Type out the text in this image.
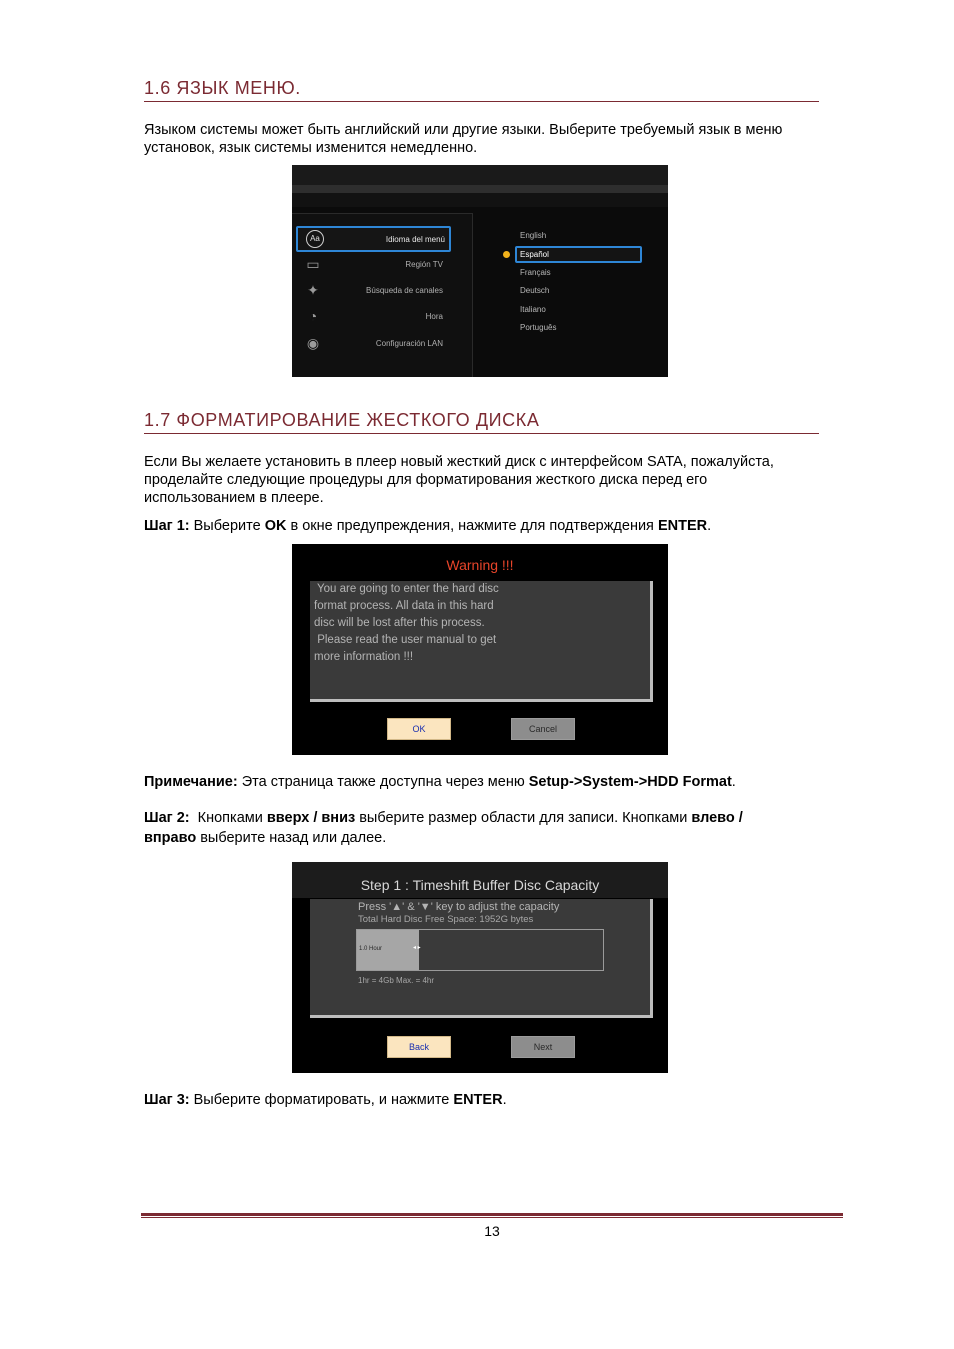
1.6 ЯЗЫК МЕНЮ.
Языком системы может быть английский или другие языки. Выберите требуемый язык в меню установок, язык системы изменится немедленно.
Aa	Idioma del menú
▭	Región TV
✦	Búsqueda de canales
◔	Hora
◉	Configuración LAN
English
Español
Français
Deutsch
Italiano
Português
1.7 ФОРМАТИРОВАНИЕ ЖЕСТКОГО ДИСКА
Если Вы желаете установить в плеер новый жесткий диск с интерфейсом SATA, пожалуйста, проделайте следующие процедуры для форматирования жесткого диска перед его использованием в плеере.
Шаг 1: Выберите OK в окне предупреждения, нажмите для подтверждения ENTER.
Warning !!!
You are going to enter the hard disc
format process. All data in this hard
disc will be lost after this process.
Please read the user manual to get
more information !!!
OK	Cancel
Примечание: Эта страница также доступна через меню Setup->System->HDD Format.
Шаг 2:  Кнопками вверх / вниз выберите размер области для записи. Кнопками влево /
вправо выберите назад или далее.
Step 1 : Timeshift Buffer Disc Capacity
Press '▲' & '▼' key to adjust the capacity
Total Hard Disc Free Space: 1952G bytes
1.0 Hour	◂ ▸
1hr = 4Gb Max. = 4hr
Back	Next
Шаг 3: Выберите форматировать, и нажмите ENTER.
13
